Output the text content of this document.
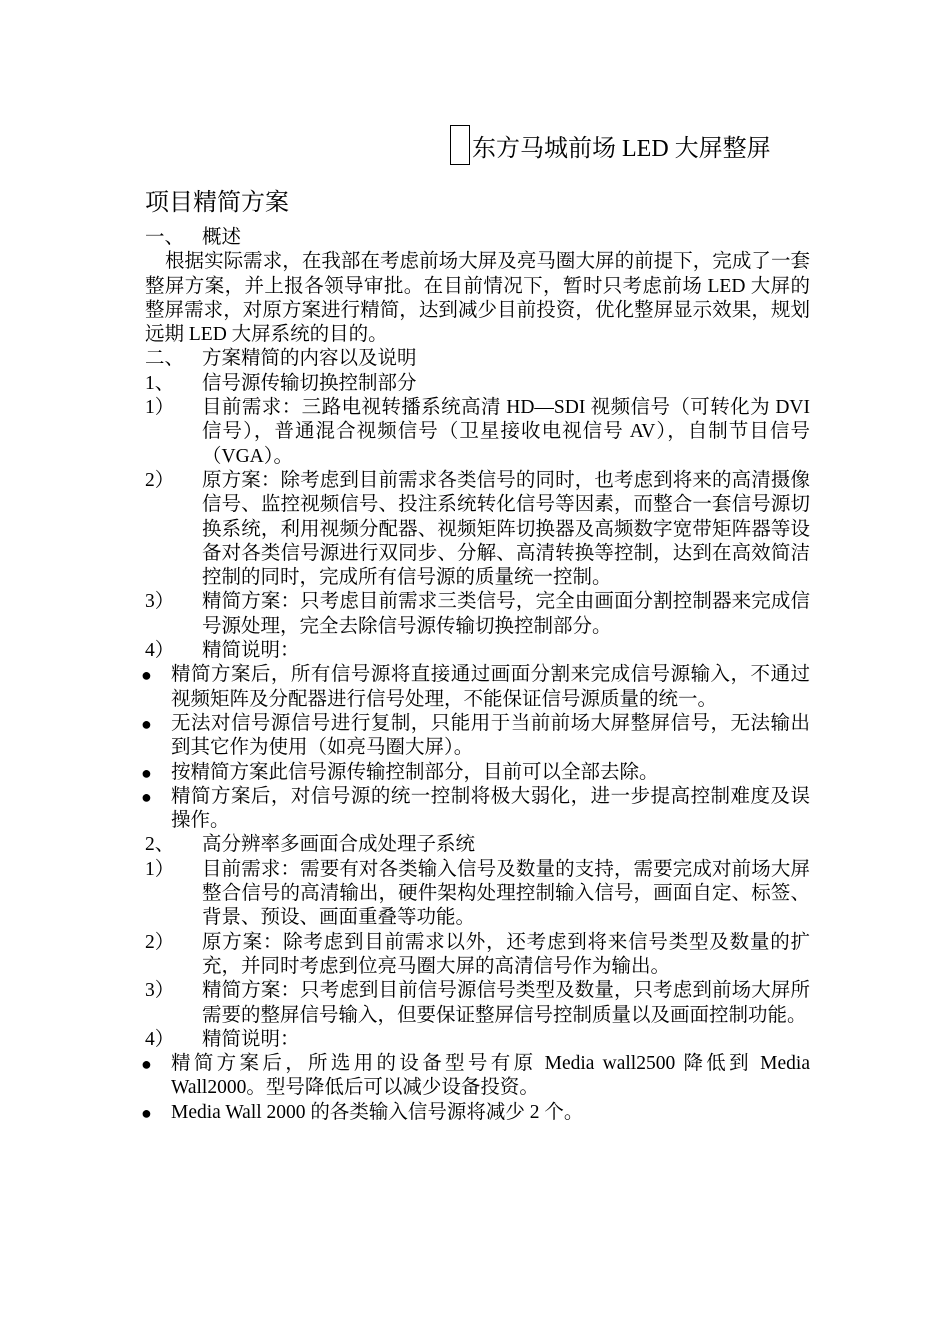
东方马城前场 LED 大屏整屏
项目精简方案
一、 概述
根据实际需求，在我部在考虑前场大屏及亮马圈大屏的前提下，完成了一套整屏方案，并上报各领导审批。在目前情况下，暂时只考虑前场 LED 大屏的整屏需求，对原方案进行精简，达到减少目前投资，优化整屏显示效果，规划远期 LED 大屏系统的目的。
二、 方案精简的内容以及说明
1、	信号源传输切换控制部分
1）	目前需求：三路电视转播系统高清 HD—SDI 视频信号（可转化为 DVI 信号），普通混合视频信号（卫星接收电视信号 AV），自制节目信号（VGA）。
2）	原方案：除考虑到目前需求各类信号的同时，也考虑到将来的高清摄像信号、监控视频信号、投注系统转化信号等因素，而整合一套信号源切换系统，利用视频分配器、视频矩阵切换器及高频数字宽带矩阵器等设备对各类信号源进行双同步、分解、高清转换等控制，达到在高效简洁控制的同时，完成所有信号源的质量统一控制。
3）	精简方案：只考虑目前需求三类信号，完全由画面分割控制器来完成信号源处理，完全去除信号源传输切换控制部分。
4）	精简说明：
● 精简方案后，所有信号源将直接通过画面分割来完成信号源输入，不通过视频矩阵及分配器进行信号处理，不能保证信号源质量的统一。
● 无法对信号源信号进行复制，只能用于当前前场大屏整屏信号，无法输出到其它作为使用（如亮马圈大屏）。
● 按精简方案此信号源传输控制部分，目前可以全部去除。
● 精简方案后，对信号源的统一控制将极大弱化，进一步提高控制难度及误操作。
2、	高分辨率多画面合成处理子系统
1）	目前需求：需要有对各类输入信号及数量的支持，需要完成对前场大屏整合信号的高清输出，硬件架构处理控制输入信号，画面自定、标签、背景、预设、画面重叠等功能。
2）	原方案：除考虑到目前需求以外，还考虑到将来信号类型及数量的扩充，并同时考虑到位亮马圈大屏的高清信号作为输出。
3）	精简方案：只考虑到目前信号源信号类型及数量，只考虑到前场大屏所需要的整屏信号输入，但要保证整屏信号控制质量以及画面控制功能。
4）	精简说明：
● 精简方案后，所选用的设备型号有原 Media wall2500 降低到 Media Wall2000。型号降低后可以减少设备投资。
● Media Wall 2000 的各类输入信号源将减少 2 个。
